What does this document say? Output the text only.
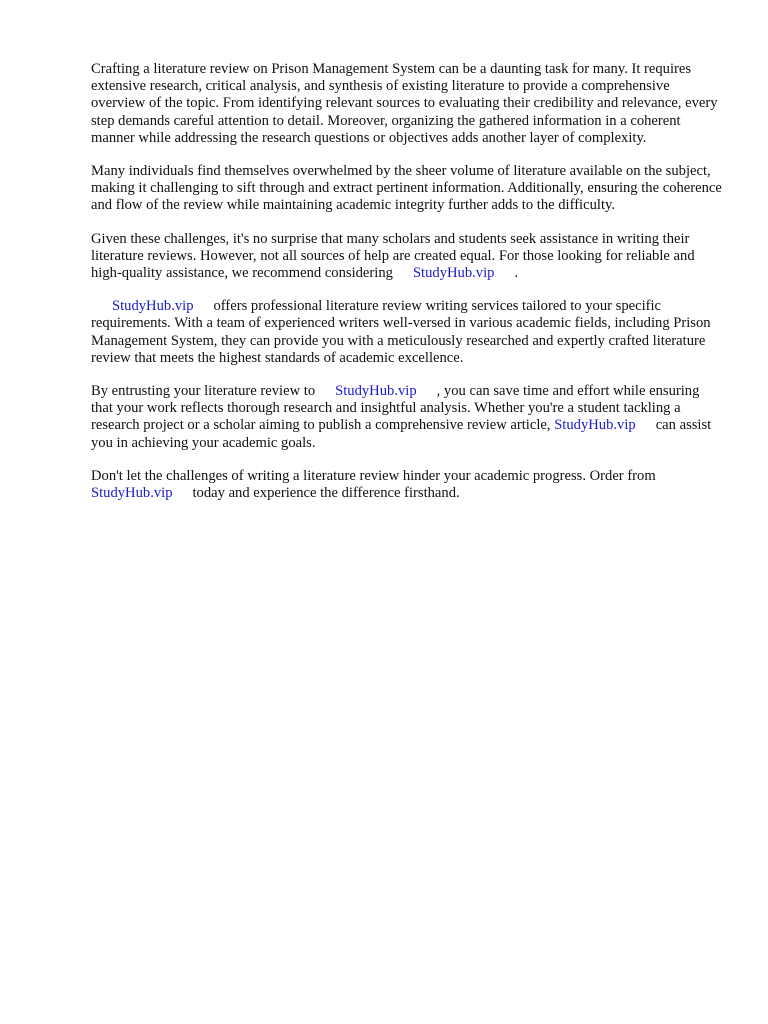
Crafting a literature review on Prison Management System can be a daunting task for many. It requires extensive research, critical analysis, and synthesis of existing literature to provide a comprehensive overview of the topic. From identifying relevant sources to evaluating their credibility and relevance, every step demands careful attention to detail. Moreover, organizing the gathered information in a coherent manner while addressing the research questions or objectives adds another layer of complexity.

Many individuals find themselves overwhelmed by the sheer volume of literature available on the subject, making it challenging to sift through and extract pertinent information. Additionally, ensuring the coherence and flow of the review while maintaining academic integrity further adds to the difficulty.

Given these challenges, it's no surprise that many scholars and students seek assistance in writing their literature reviews. However, not all sources of help are created equal. For those looking for reliable and high-quality assistance, we recommend considering StudyHub.vip .

StudyHub.vip offers professional literature review writing services tailored to your specific requirements. With a team of experienced writers well-versed in various academic fields, including Prison Management System, they can provide you with a meticulously researched and expertly crafted literature review that meets the highest standards of academic excellence.

By entrusting your literature review to StudyHub.vip , you can save time and effort while ensuring that your work reflects thorough research and insightful analysis. Whether you're a student tackling a research project or a scholar aiming to publish a comprehensive review article, StudyHub.vip can assist you in achieving your academic goals.

Don't let the challenges of writing a literature review hinder your academic progress. Order from StudyHub.vip today and experience the difference firsthand.
